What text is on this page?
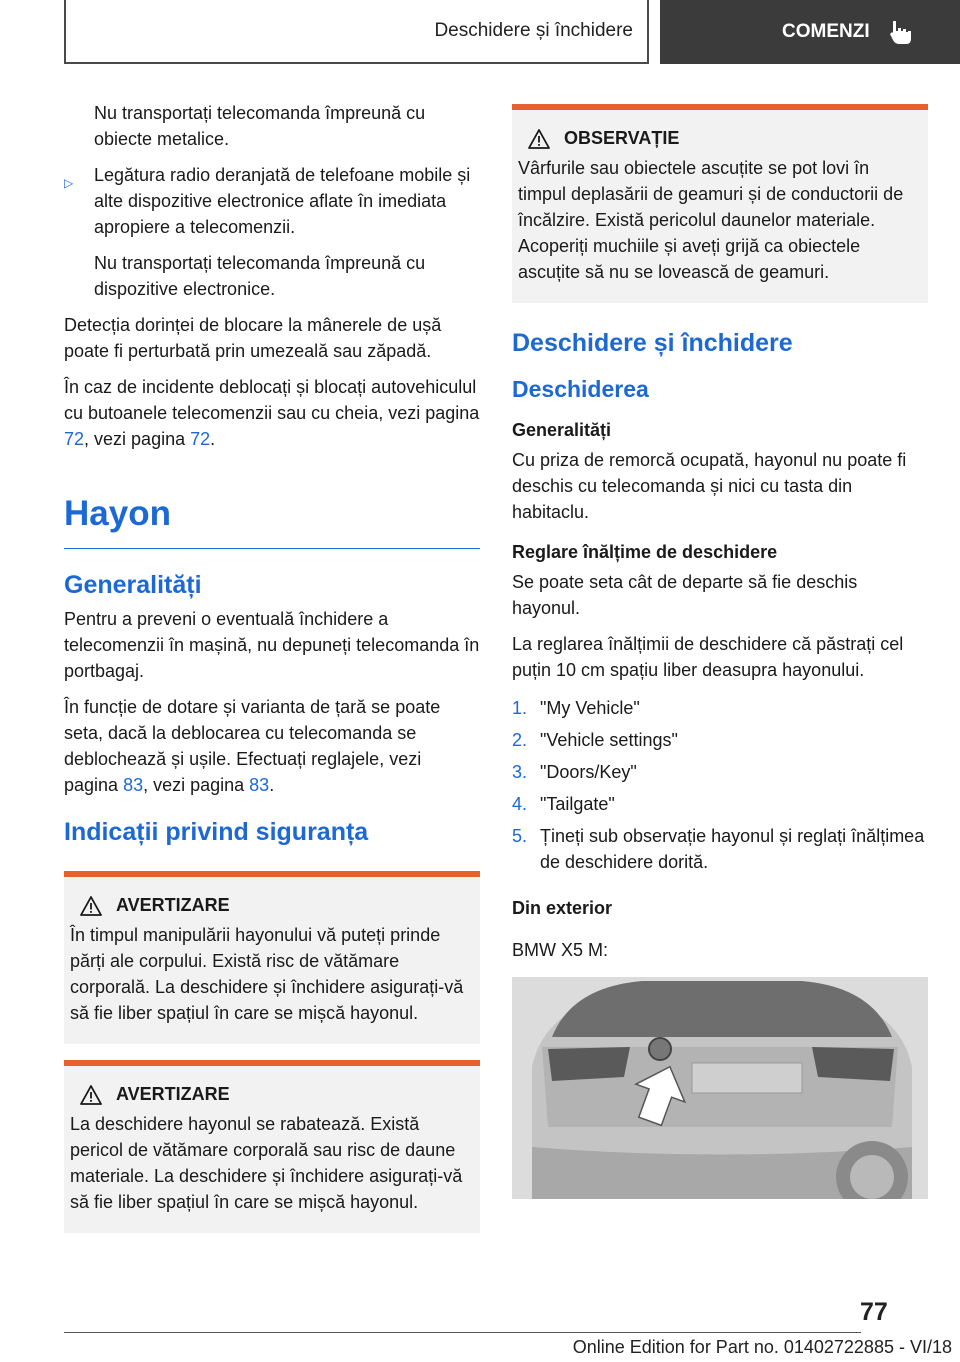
Deschidere și închidere	COMENZI

Nu transportați telecomanda împreună cu obiecte metalice.

▷ Legătura radio deranjată de telefoane mobile și alte dispozitive electronice aflate în imediata apropiere a telecomenzii.

Nu transportați telecomanda împreună cu dispozitive electronice.

Detecția dorinței de blocare la mânerele de ușă poate fi perturbată prin umezeală sau zăpadă.

În caz de incidente deblocați și blocați autovehiculul cu butoanele telecomenzii sau cu cheia, vezi pagina 72, vezi pagina 72.

Hayon
Generalități

Pentru a preveni o eventuală închidere a telecomenzii în mașină, nu depuneți telecomanda în portbagaj.

În funcție de dotare și varianta de țară se poate seta, dacă la deblocarea cu telecomanda se deblochează și ușile. Efectuați reglajele, vezi pagina 83, vezi pagina 83.

Indicații privind siguranța
AVERTIZARE

În timpul manipulării hayonului vă puteți prinde părți ale corpului. Există risc de vătămare corporală. La deschidere și închidere asigurați-vă să fie liber spațiul în care se mișcă hayonul.

AVERTIZARE

La deschidere hayonul se rabatează. Există pericol de vătămare corporală sau risc de daune materiale. La deschidere și închidere asigurați-vă să fie liber spațiul în care se mișcă hayonul.

OBSERVAȚIE

Vârfurile sau obiectele ascuțite se pot lovi în timpul deplasării de geamuri și de conductorii de încălzire. Există pericolul daunelor materiale. Acoperiți muchiile și aveți grijă ca obiectele ascuțite să nu se lovească de geamuri.

Deschidere și închidere
Deschiderea
Generalități

Cu priza de remorcă ocupată, hayonul nu poate fi deschis cu telecomanda și nici cu tasta din habitaclu.

Reglare înălțime de deschidere

Se poate seta cât de departe să fie deschis hayonul.

La reglarea înălțimii de deschidere că păstrați cel puțin 10 cm spațiu liber deasupra hayonului.

1. "My Vehicle"
2. "Vehicle settings"
3. "Doors/Key"
4. "Tailgate"
5. Țineți sub observație hayonul și reglați înălțimea de deschidere dorită.
Din exterior

BMW X5 M:

77
Online Edition for Part no. 01402722885 - VI/18
